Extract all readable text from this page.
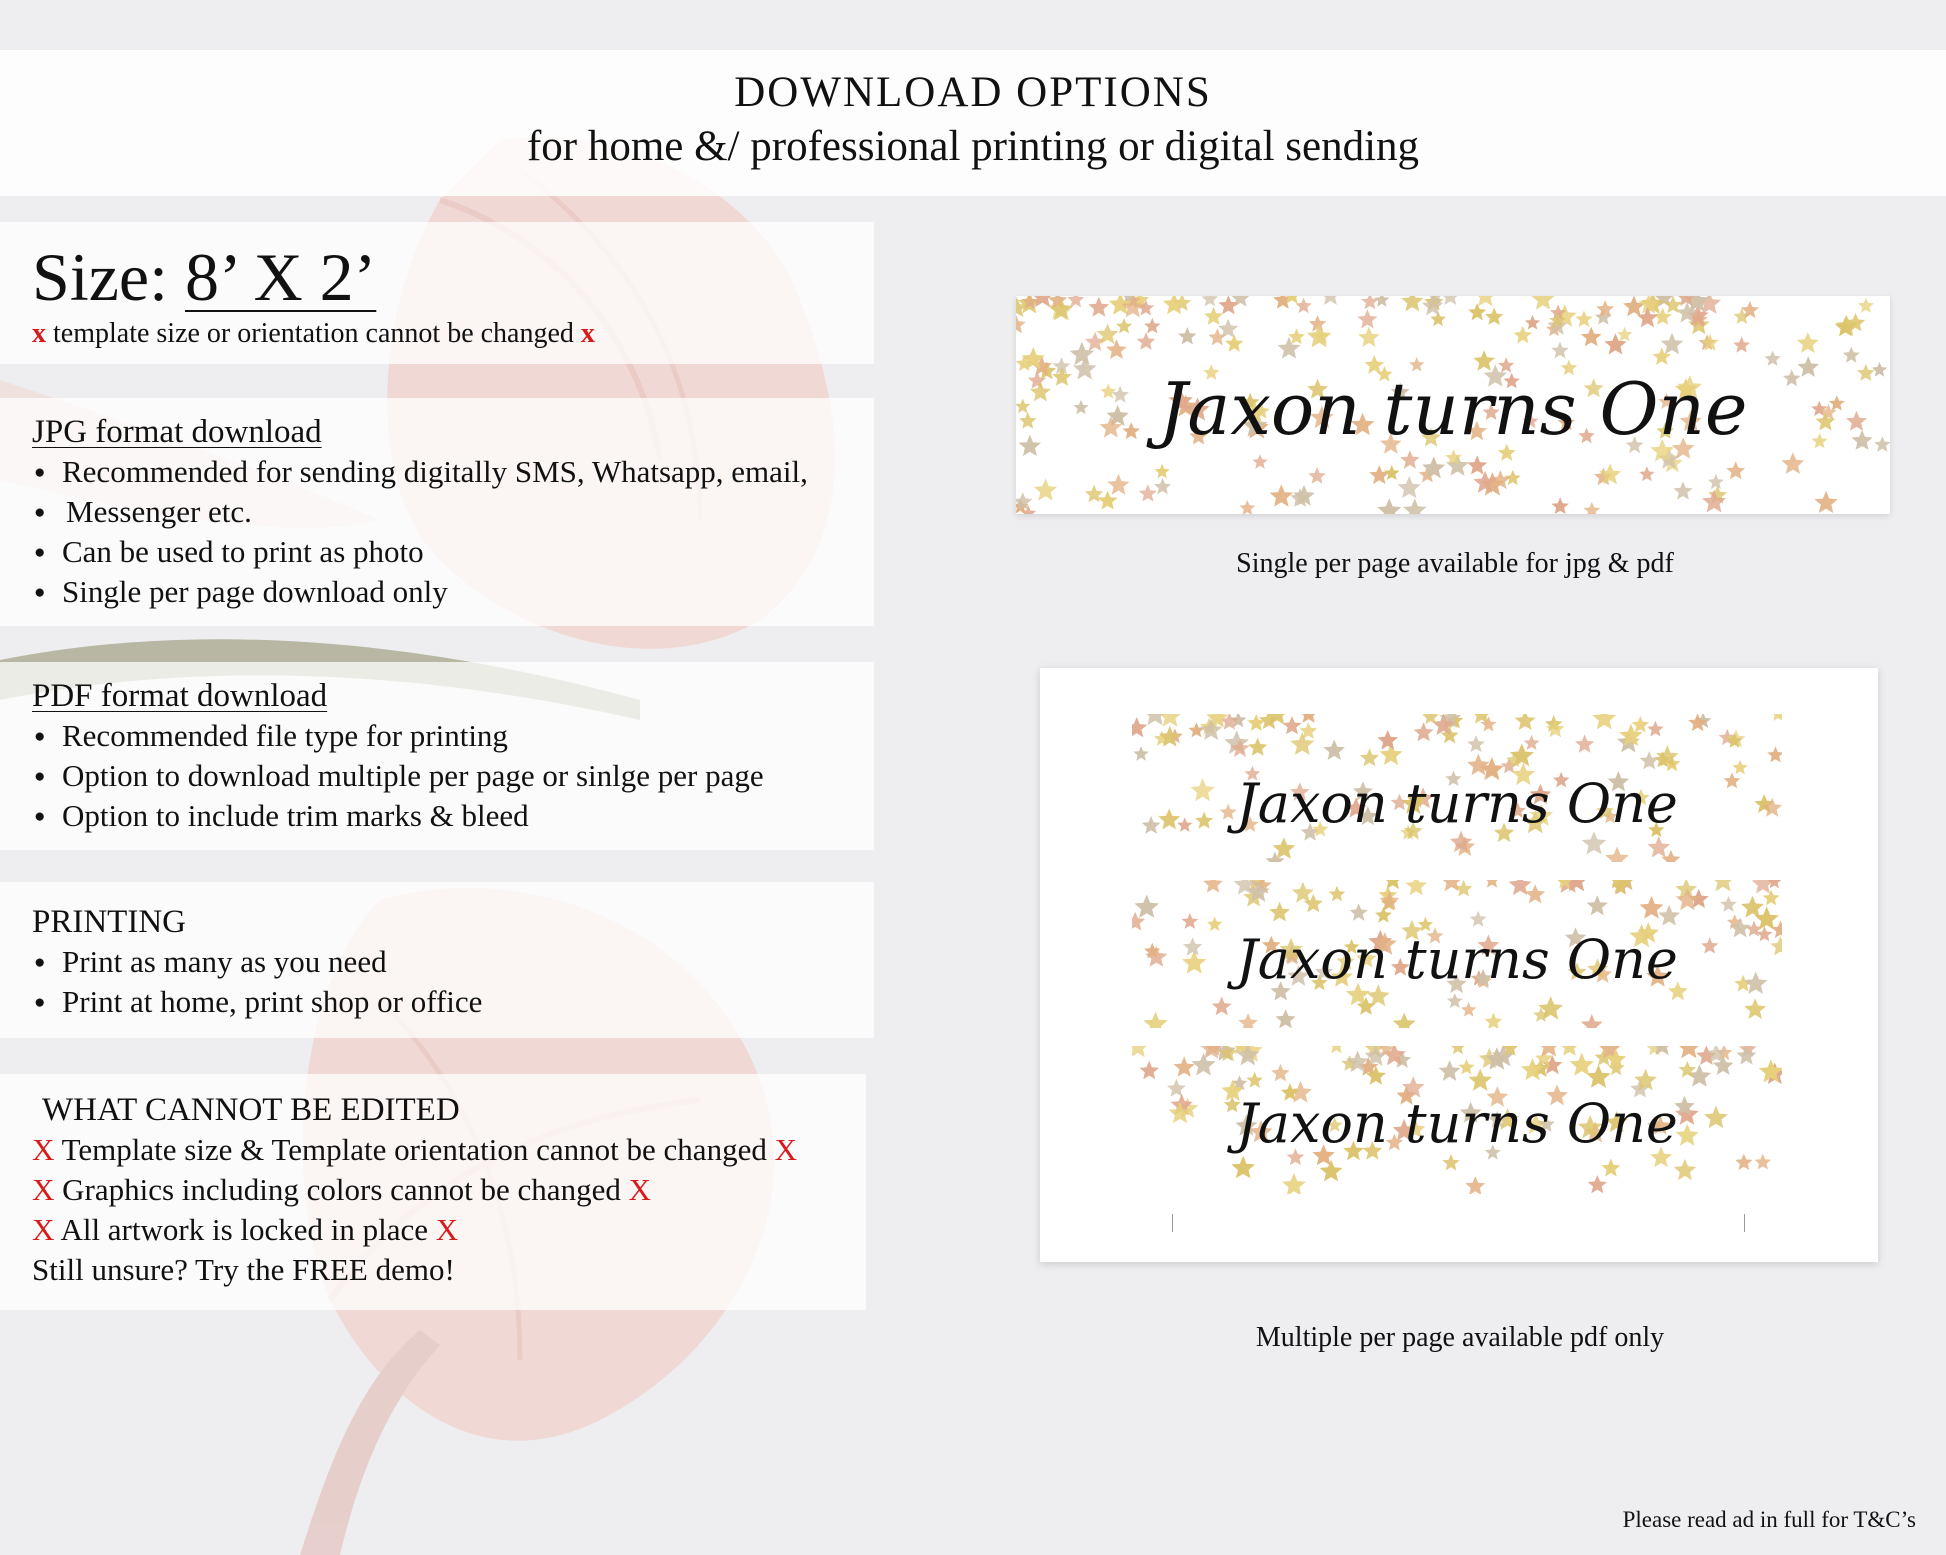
DOWNLOAD OPTIONS
for home &/ professional printing or digital sending
Size: 8’ X 2’
x template size or orientation cannot be changed x
JPG format download
● Recommended for sending digitally SMS, Whatsapp, email,
● Messenger etc.
● Can be used to print as photo
● Single per page download only
PDF format download
● Recommended file type for printing
● Option to download multiple per page or sinlge per page
● Option to include trim marks & bleed
PRINTING
● Print as many as you need
● Print at home, print shop or office
WHAT CANNOT BE EDITED
X Template size & Template orientation cannot be changed X
X Graphics including colors cannot be changed X
X All artwork is locked in place X
Still unsure? Try the FREE demo!
Jaxon turns One
Single per page available for jpg & pdf
Jaxon turns One
Jaxon turns One
Jaxon turns One
Multiple per page available pdf only
Please read ad in full for T&C’s
